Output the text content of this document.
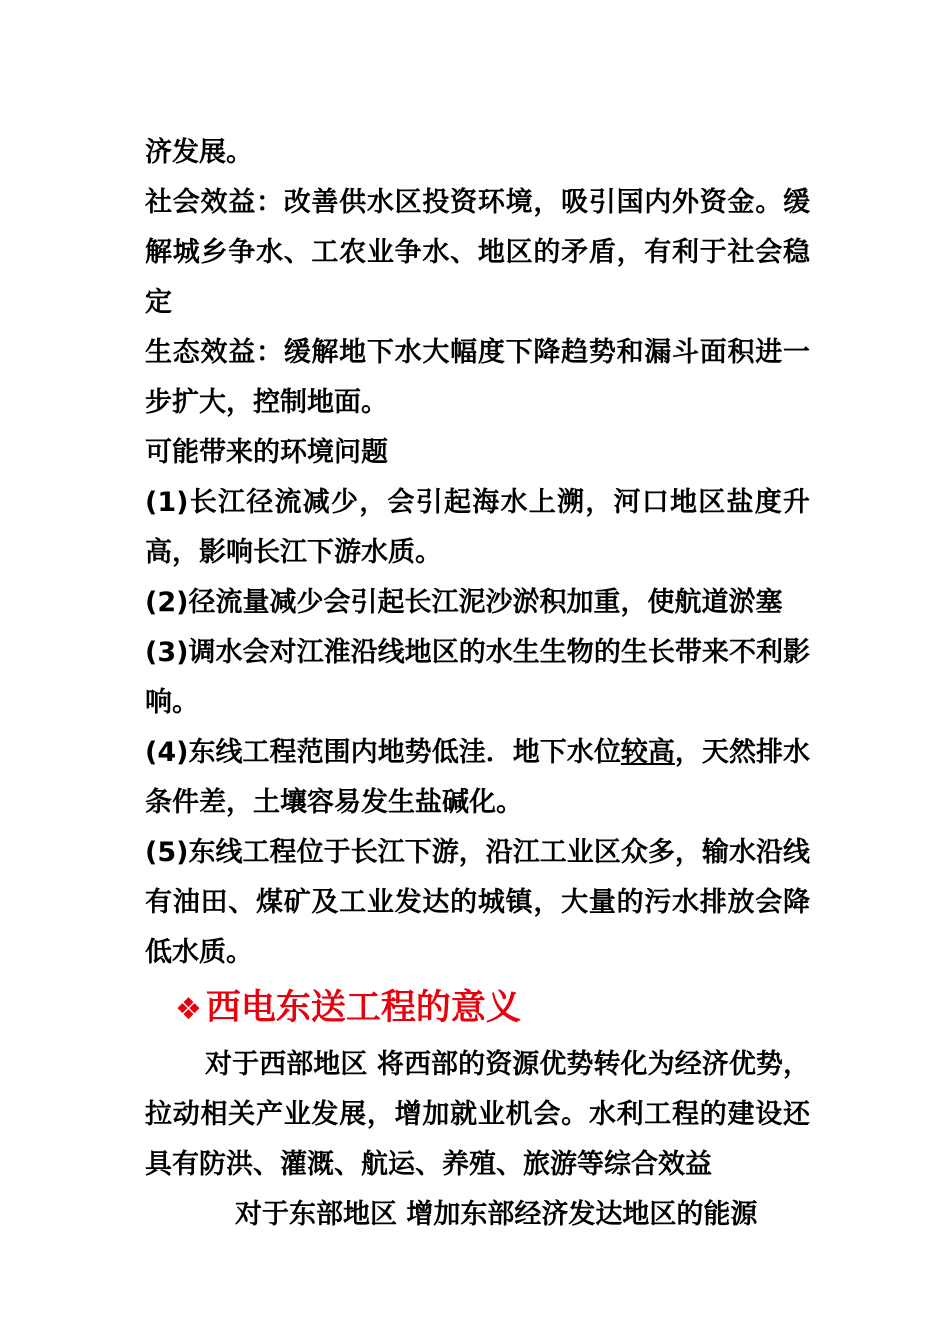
济发展。

社会效益：改善供水区投资环境，吸引国内外资金。缓解城乡争水、工农业争水、地区的矛盾，有利于社会稳定

生态效益：缓解地下水大幅度下降趋势和漏斗面积进一步扩大，控制地面。

可能带来的环境问题

(1)长江径流减少，会引起海水上溯，河口地区盐度升高，影响长江下游水质。

(2)径流量减少会引起长江泥沙淤积加重，使航道淤塞

(3)调水会对江淮沿线地区的水生生物的生长带来不利影响。

(4)东线工程范围内地势低洼．地下水位较高，天然排水条件差，土壤容易发生盐碱化。

(5)东线工程位于长江下游，沿江工业区众多，输水沿线有油田、煤矿及工业发达的城镇，大量的污水排放会降低水质。

❖ 西电东送工程的意义

对于西部地区 将西部的资源优势转化为经济优势，拉动相关产业发展，增加就业机会。水利工程的建设还具有防洪、灌溉、航运、养殖、旅游等综合效益

对于东部地区 增加东部经济发达地区的能源
